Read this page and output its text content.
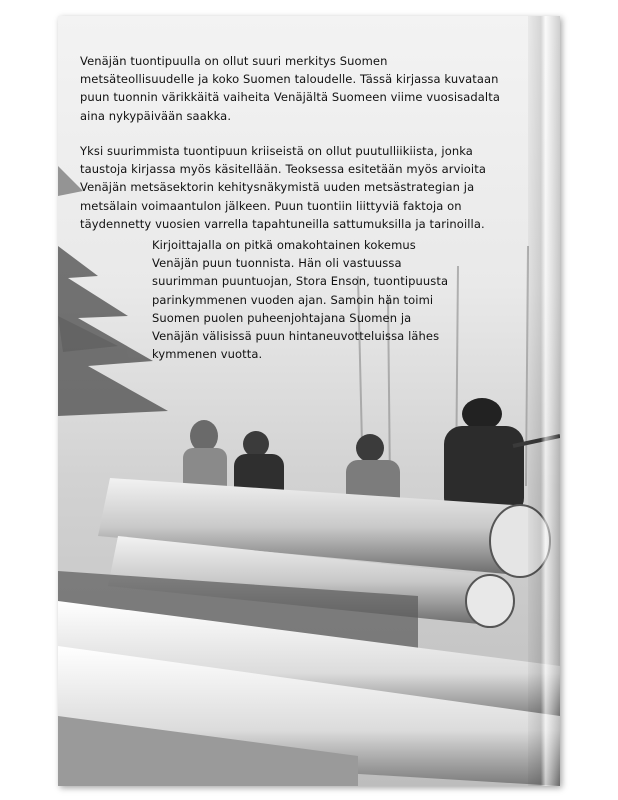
Venäjän tuontipuulla on ollut suuri merkitys Suomen metsäteollisuudelle ja koko Suomen taloudelle. Tässä kirjassa kuvataan puun tuonnin värikkäitä vaiheita Venäjältä Suomeen viime vuosisadalta aina nykypäivään saakka.
Yksi suurimmista tuontipuun kriiseistä on ollut puutulliikiista, jonka taustoja kirjassa myös käsitellään. Teoksessa esitetään myös arvioita Venäjän metsäsektorin kehitysnäkymistä uuden metsästrategian ja metsälain voimaantulon jälkeen. Puun tuontiin liittyviä faktoja on täydennetty vuosien varrella tapahtuneilla sattumuksilla ja tarinoilla.
Kirjoittajalla on pitkä omakohtainen kokemus Venäjän puun tuonnista. Hän oli vastuussa suurimman puuntuojan, Stora Enson, tuontipuusta parinkymmenen vuoden ajan. Samoin hän toimi Suomen puolen puheenjohtajana Suomen ja Venäjän välisissä puun hintaneuvotteluissa lähes kymmenen vuotta.
